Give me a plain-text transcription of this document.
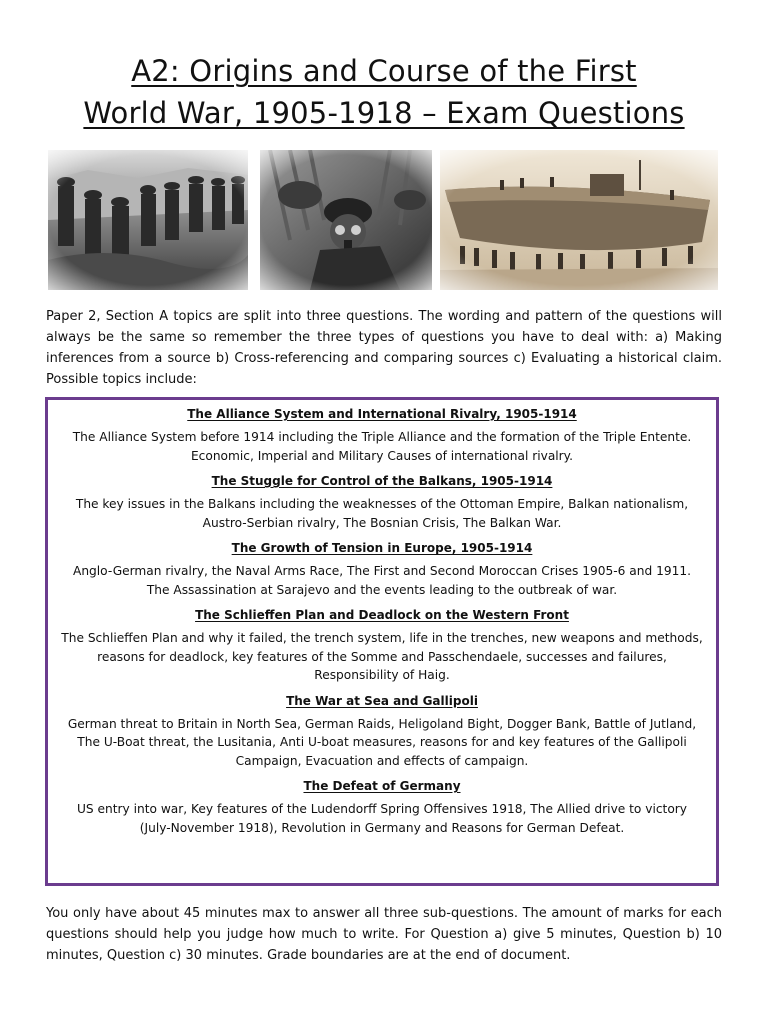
A2: Origins and Course of the First
World War, 1905-1918 – Exam Questions

Paper 2, Section A topics are split into three questions. The wording and pattern of the questions will always be the same so remember the three types of questions you have to deal with: a) Making inferences from a source b) Cross-referencing and comparing sources c) Evaluating a historical claim. Possible topics include:

The Alliance System and International Rivalry, 1905-1914

The Alliance System before 1914 including the Triple Alliance and the formation of the Triple Entente. Economic, Imperial and Military Causes of international rivalry.

The Stuggle for Control of the Balkans, 1905-1914

The key issues in the Balkans including the weaknesses of the Ottoman Empire, Balkan nationalism, Austro-Serbian rivalry, The Bosnian Crisis, The Balkan War.

The Growth of Tension in Europe, 1905-1914

Anglo-German rivalry, the Naval Arms Race, The First and Second Moroccan Crises 1905-6 and 1911. The Assassination at Sarajevo and the events leading to the outbreak of war.

The Schlieffen Plan and Deadlock on the Western Front

The Schlieffen Plan and why it failed, the trench system, life in the trenches, new weapons and methods, reasons for deadlock, key features of the Somme and Passchendaele, successes and failures, Responsibility of Haig.

The War at Sea and Gallipoli

German threat to Britain in North Sea, German Raids, Heligoland Bight, Dogger Bank, Battle of Jutland, The U-Boat threat, the Lusitania, Anti U-boat measures, reasons for and key features of the Gallipoli Campaign, Evacuation and effects of campaign.

The Defeat of Germany

US entry into war, Key features of the Ludendorff Spring Offensives 1918, The Allied drive to victory (July-November 1918), Revolution in Germany and Reasons for German Defeat.

You only have about 45 minutes max to answer all three sub-questions. The amount of marks for each questions should help you judge how much to write. For Question a) give 5 minutes, Question b) 10 minutes, Question c) 30 minutes. Grade boundaries are at the end of document.
